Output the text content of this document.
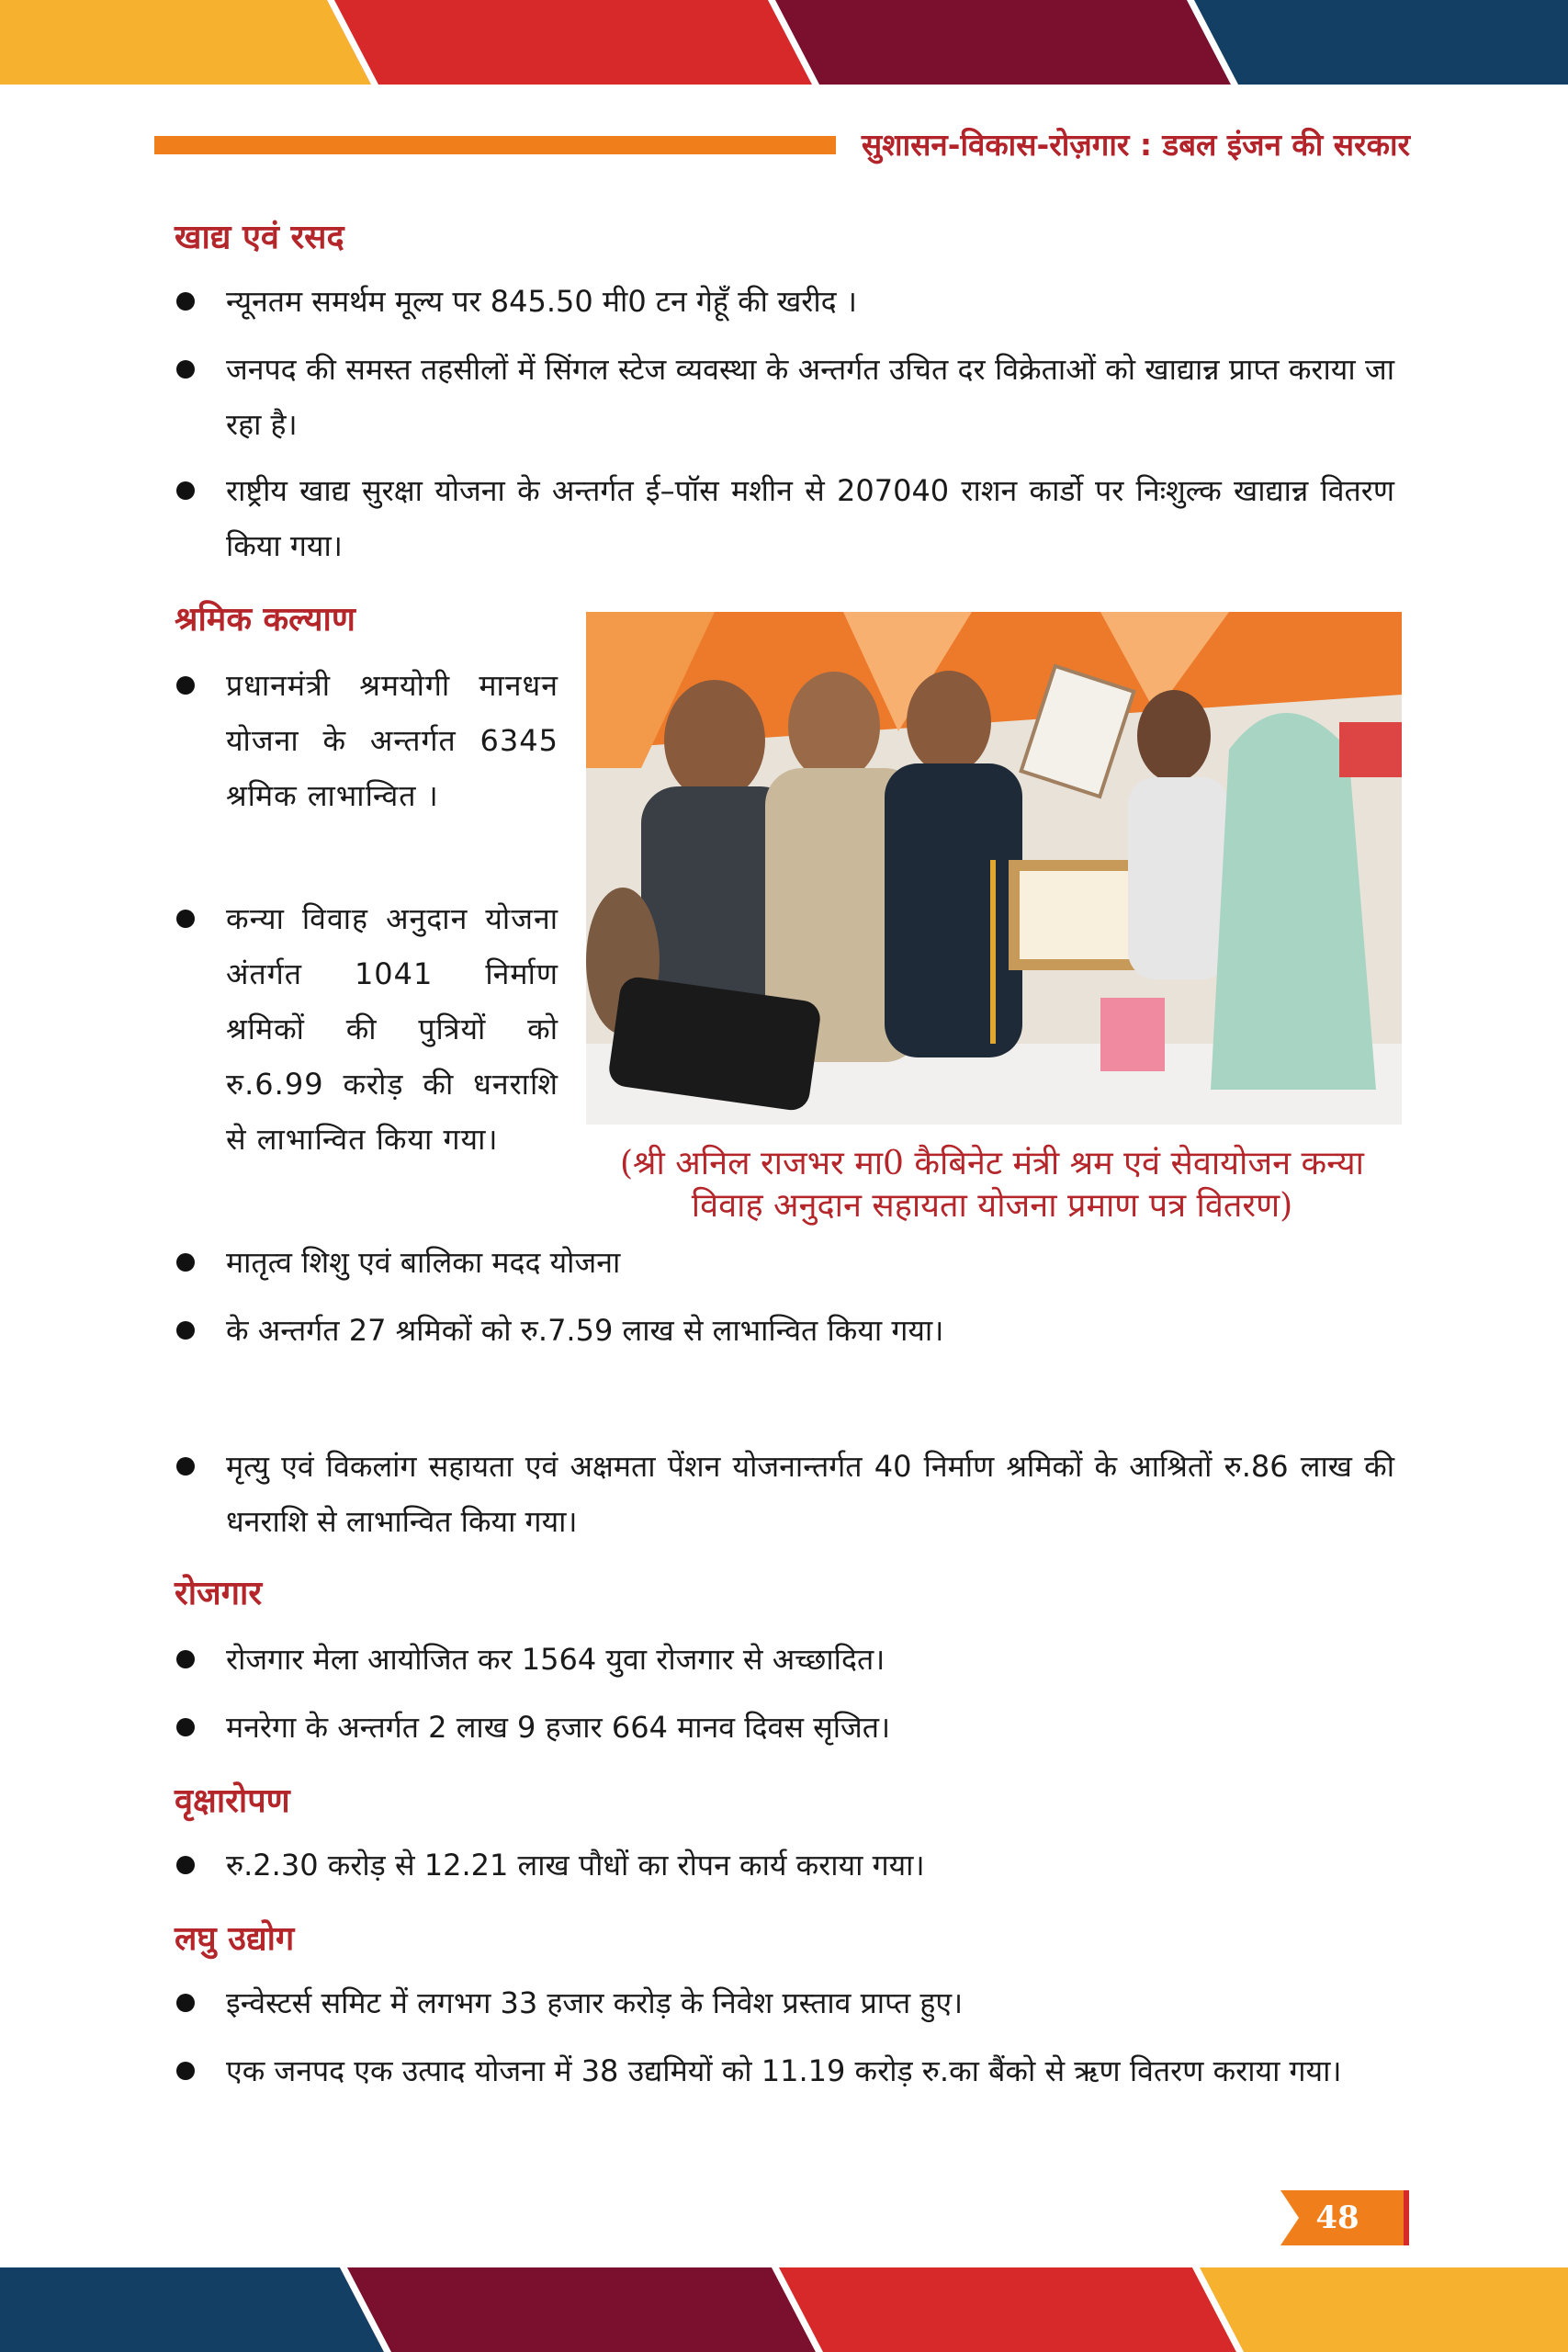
सुशासन-विकास-रोज़गार : डबल इंजन की सरकार
खाद्य एवं रसद
न्यूनतम समर्थम मूल्य पर 845.50 मी0 टन गेहूँ की खरीद ।
जनपद की समस्त तहसीलों में सिंगल स्टेज व्यवस्था के अन्तर्गत उचित दर विक्रेताओं को खाद्यान्न प्राप्त कराया जा रहा है।
राष्ट्रीय खाद्य सुरक्षा योजना के अन्तर्गत ई–पॉस मशीन से 207040 राशन कार्डो पर निःशुल्क खाद्यान्न वितरण किया गया।
श्रमिक कल्याण
प्रधानमंत्री श्रमयोगी मानधन योजना के अन्तर्गत 6345 श्रमिक लाभान्वित ।
कन्या विवाह अनुदान योजना अंतर्गत 1041 निर्माण श्रमिकों की पुत्रियों को रु.6.99 करोड़ की धनराशि से लाभान्वित किया गया।
(श्री अनिल राजभर मा0 कैबिनेट मंत्री श्रम एवं सेवायोजन कन्या विवाह अनुदान सहायता योजना प्रमाण पत्र वितरण)
मातृत्व शिशु एवं बालिका मदद योजना
के अन्तर्गत 27 श्रमिकों को रु.7.59 लाख से लाभान्वित किया गया।
मृत्यु एवं विकलांग सहायता एवं अक्षमता पेंशन योजनान्तर्गत 40 निर्माण श्रमिकों के आश्रितों रु.86 लाख की धनराशि से लाभान्वित किया गया।
रोजगार
रोजगार मेला आयोजित कर 1564 युवा रोजगार से अच्छादित।
मनरेगा के अन्तर्गत 2 लाख 9 हजार 664 मानव दिवस सृजित।
वृक्षारोपण
रु.2.30 करोड़ से 12.21 लाख पौधों का रोपन कार्य कराया गया।
लघु उद्योग
इन्वेस्टर्स समिट में लगभग 33 हजार करोड़ के निवेश प्रस्ताव प्राप्त हुए।
एक जनपद एक उत्पाद योजना में 38 उद्यमियों को 11.19 करोड़ रु.का बैंको से ऋण वितरण कराया गया।
48
